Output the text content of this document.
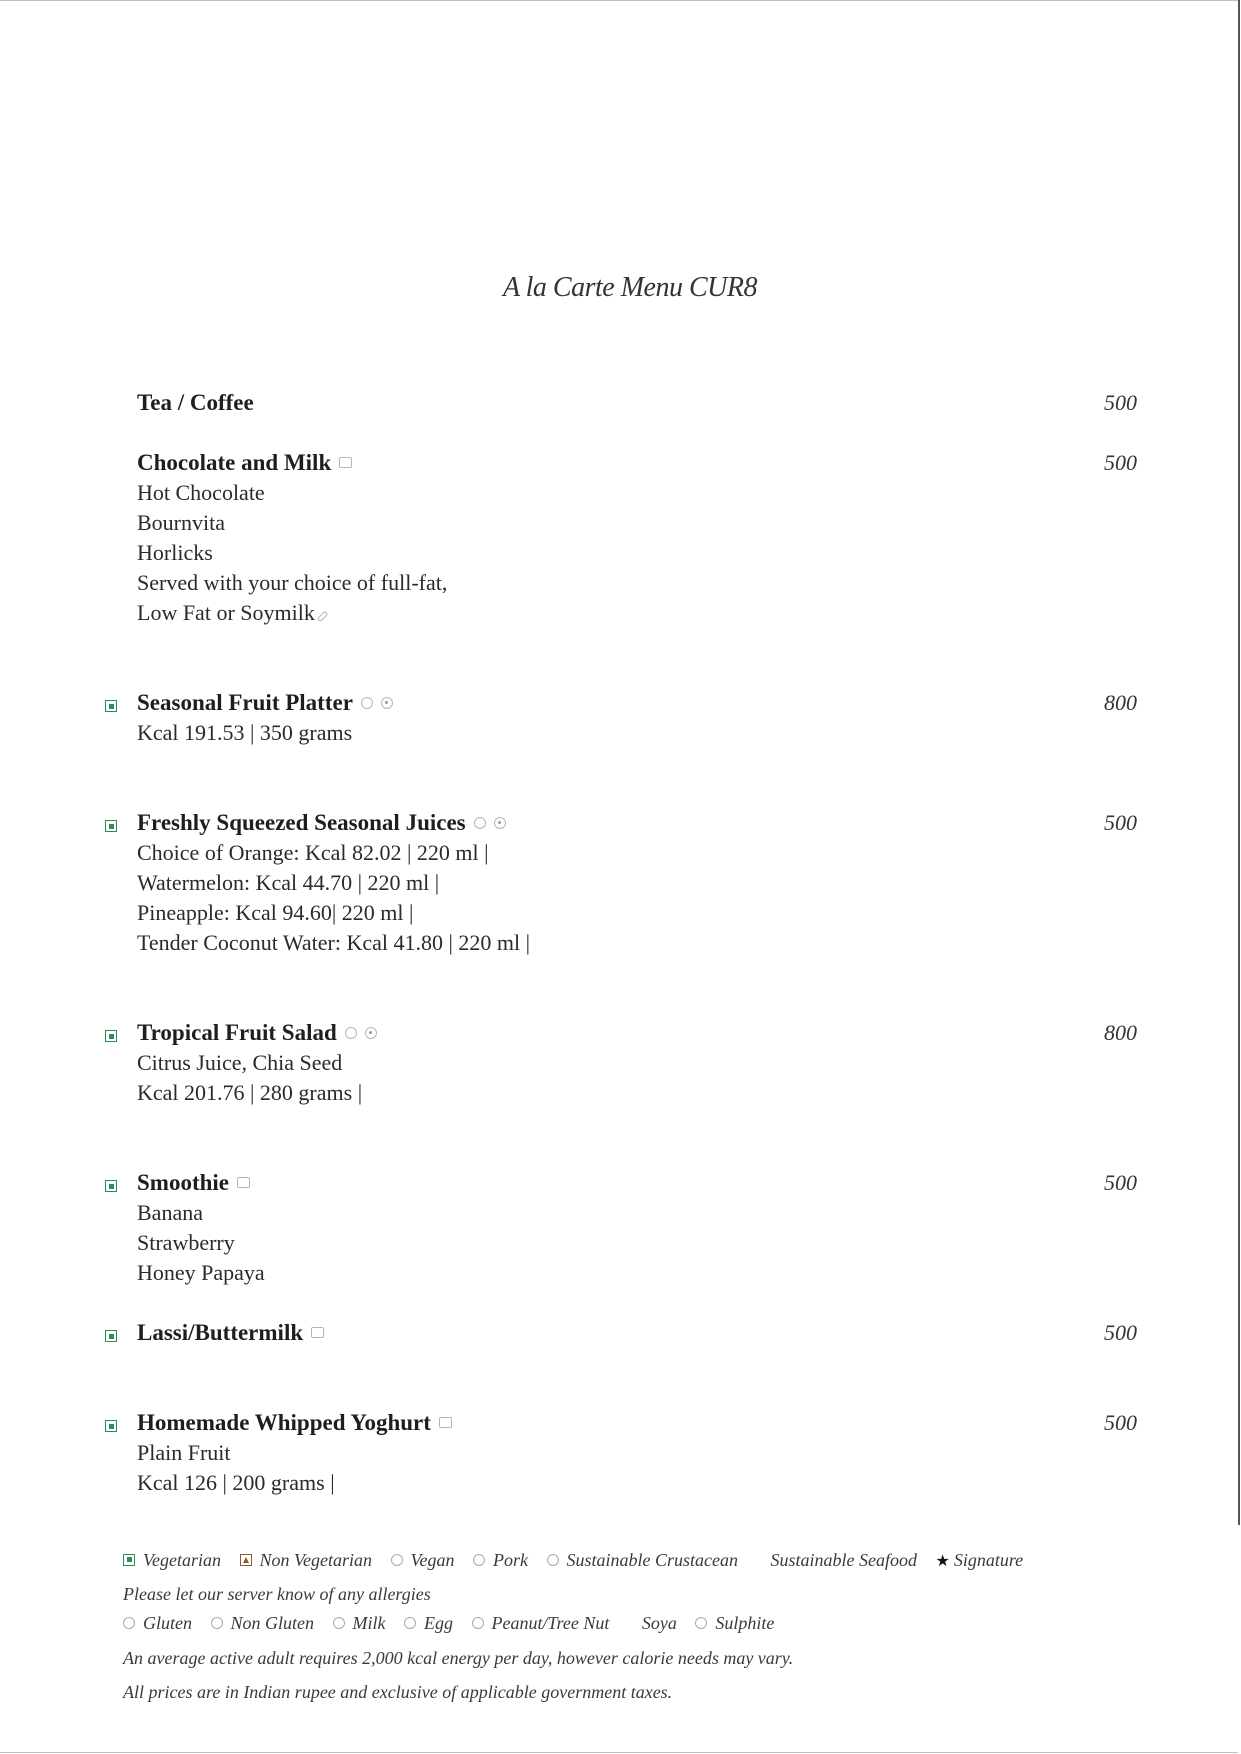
A la Carte Menu CUR8
Tea / Coffee	500
Chocolate and Milk
Hot Chocolate
Bournvita
Horlicks
Served with your choice of full-fat,
Low Fat or Soymilk
500
Seasonal Fruit Platter
Kcal 191.53 | 350 grams
800
Freshly Squeezed Seasonal Juices
Choice of Orange: Kcal 82.02 | 220 ml |
Watermelon: Kcal 44.70 | 220 ml |
Pineapple: Kcal 94.60| 220 ml |
Tender Coconut Water: Kcal 41.80 | 220 ml |
500
Tropical Fruit Salad
Citrus Juice, Chia Seed
Kcal 201.76 | 280 grams |
800
Smoothie
Banana
Strawberry
Honey Papaya
500
Lassi/Buttermilk	500
Homemade Whipped Yoghurt
Plain Fruit
Kcal 126 | 200 grams |
500
Vegetarian Non Vegetarian Vegan Pork Sustainable Crustacean Sustainable Seafood ★ Signature
Please let our server know of any allergies
Gluten Non Gluten Milk Egg Peanut/Tree Nut Soya Sulphite
An average active adult requires 2,000 kcal energy per day, however calorie needs may vary.
All prices are in Indian rupee and exclusive of applicable government taxes.
